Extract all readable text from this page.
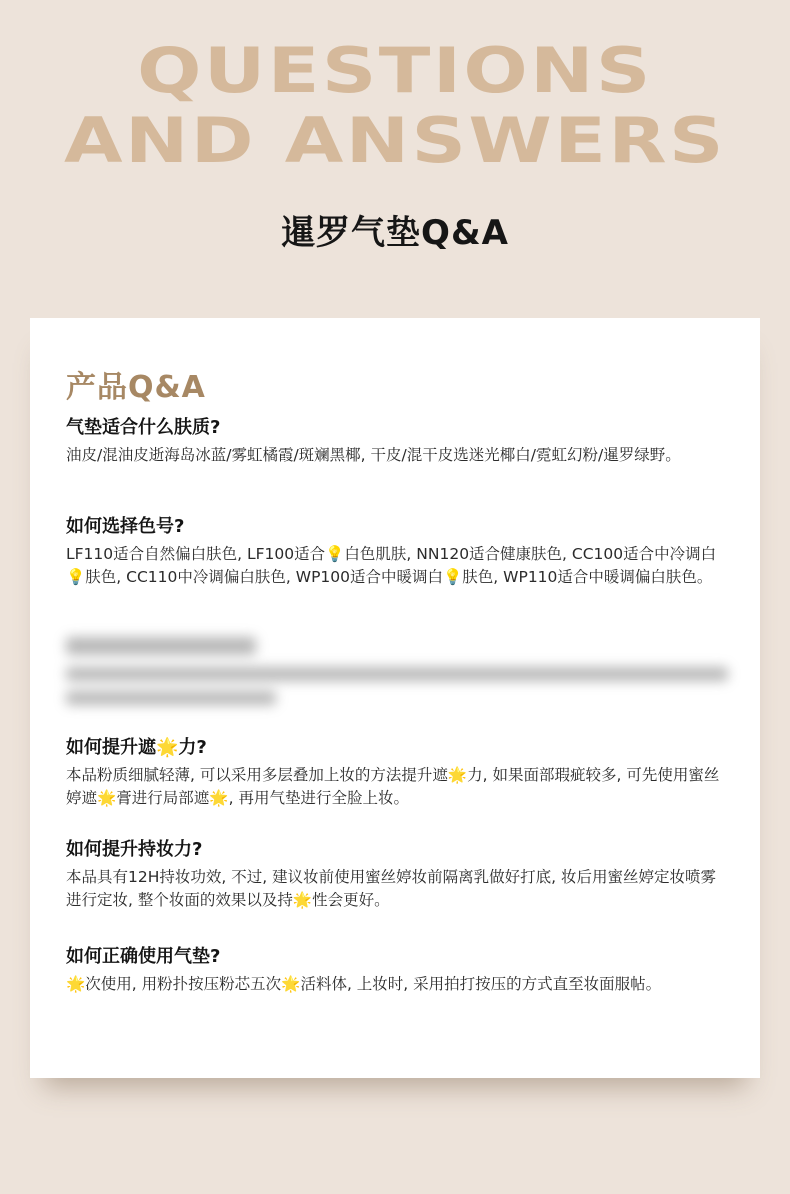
QUESTIONS
AND ANSWERS
暹罗气垫Q&A
产品Q&A

气垫适合什么肤质?

油皮/混油皮逝海岛冰蓝/雾虹橘霞/斑斓黑椰, 干皮/混干皮选迷光椰白/霓虹幻粉/暹罗绿野。

如何选择色号?

LF110适合自然偏白肤色, LF100适合💡白色肌肤, NN120适合健康肤色, CC100适合中冷调白💡肤色, CC110中冷调偏白肤色, WP100适合中暖调白💡肤色, WP110适合中暖调偏白肤色。

如何提升遮🌟力?

本品粉质细腻轻薄, 可以采用多层叠加上妆的方法提升遮🌟力, 如果面部瑕疵较多, 可先使用蜜丝婷遮🌟膏进行局部遮🌟, 再用气垫进行全脸上妆。

如何提升持妆力?

本品具有12H持妆功效, 不过, 建议妆前使用蜜丝婷妆前隔离乳做好打底, 妆后用蜜丝婷定妆喷雾进行定妆, 整个妆面的效果以及持🌟性会更好。

如何正确使用气垫?

🌟次使用, 用粉扑按压粉芯五次🌟活料体, 上妆时, 采用拍打按压的方式直至妆面服帖。
